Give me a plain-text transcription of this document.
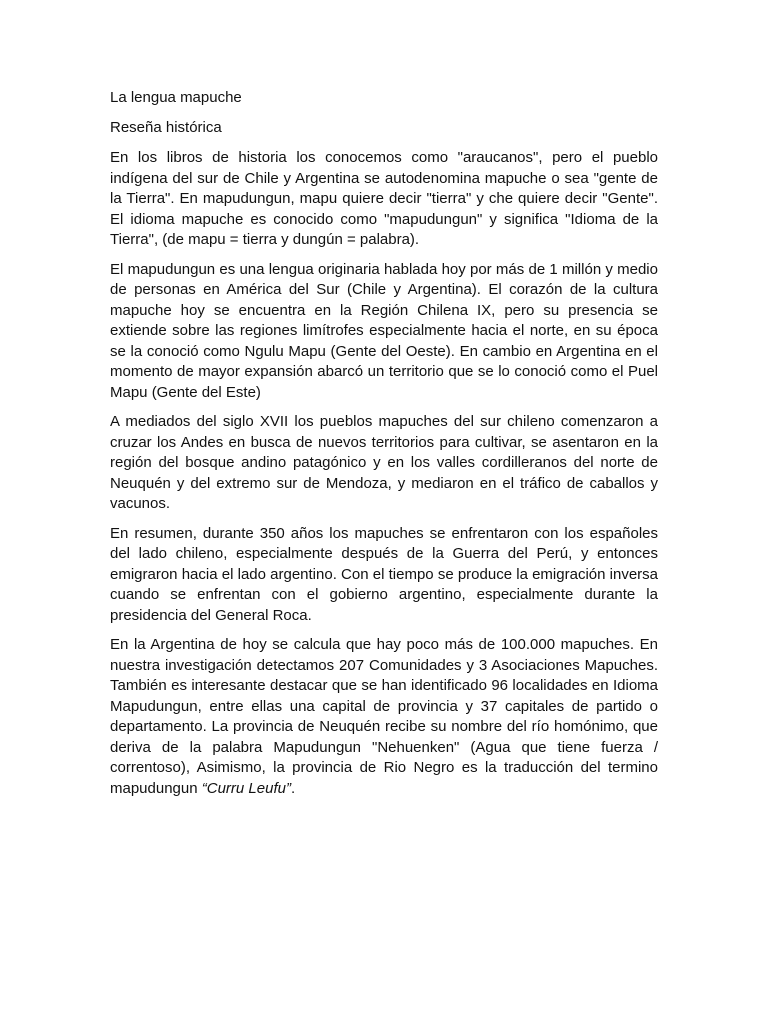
La lengua mapuche

Reseña histórica

En los libros de historia los conocemos como "araucanos", pero el pueblo indígena del sur de Chile y Argentina se autodenomina mapuche o sea "gente de la Tierra". En mapudungun, mapu quiere decir "tierra" y che quiere decir "Gente". El idioma mapuche es conocido como "mapudungun" y significa "Idioma de la Tierra", (de mapu = tierra y dungún = palabra).

El mapudungun es una lengua originaria hablada hoy por más de 1 millón y medio de personas en América del Sur (Chile y Argentina). El corazón de la cultura mapuche hoy se encuentra en la Región Chilena IX, pero su presencia se extiende sobre las regiones limítrofes especialmente hacia el norte, en su época se la conoció como Ngulu Mapu (Gente del Oeste). En cambio en Argentina en el momento de mayor expansión abarcó un territorio que se lo conoció como el Puel Mapu (Gente del Este)

A mediados del siglo XVII los pueblos mapuches del sur chileno comenzaron a cruzar los Andes en busca de nuevos territorios para cultivar, se asentaron en la región del bosque andino patagónico y en los valles cordilleranos del norte de Neuquén y del extremo sur de Mendoza, y mediaron en el tráfico de caballos y vacunos.

En resumen, durante 350 años los mapuches se enfrentaron con los españoles del lado chileno, especialmente después de la Guerra del Perú, y entonces emigraron hacia el lado argentino. Con el tiempo se produce la emigración inversa cuando se enfrentan con el gobierno argentino, especialmente durante la presidencia del General Roca.

En la Argentina de hoy se calcula que hay poco más de 100.000 mapuches. En nuestra investigación detectamos 207 Comunidades y 3 Asociaciones Mapuches. También es interesante destacar que se han identificado 96 localidades en Idioma Mapudungun, entre ellas una capital de provincia y 37 capitales de partido o departamento. La provincia de Neuquén recibe su nombre del río homónimo, que deriva de la palabra Mapudungun "Nehuenken" (Agua que tiene fuerza / correntoso), Asimismo, la provincia de Rio Negro es la traducción del termino mapudungun “Curru Leufu”.
